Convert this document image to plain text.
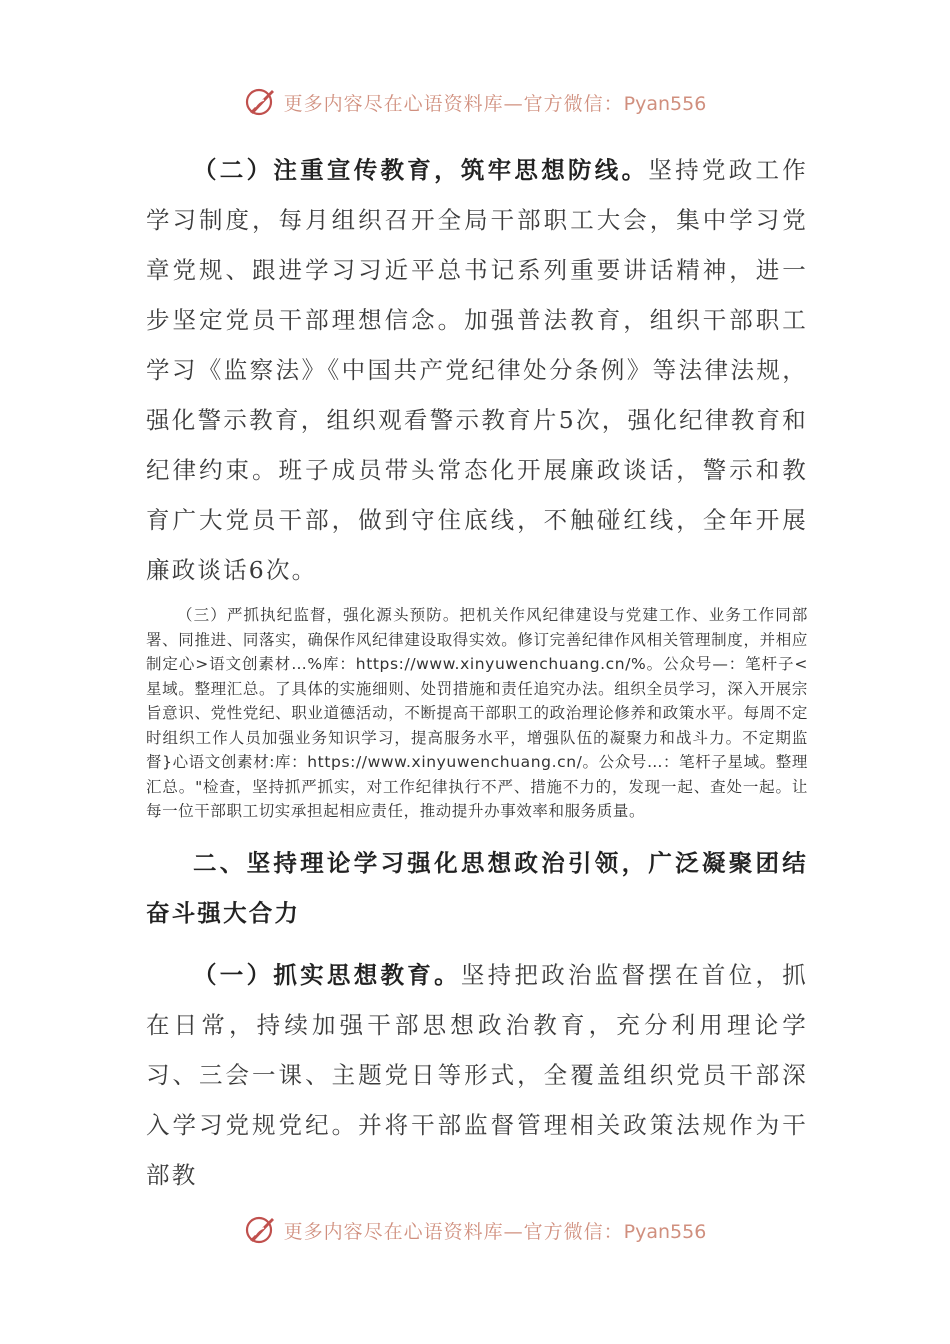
更多内容尽在心语资料库—官方微信：Pyan556

（二）注重宣传教育，筑牢思想防线。坚持党政工作学习制度，每月组织召开全局干部职工大会，集中学习党章党规、跟进学习习近平总书记系列重要讲话精神，进一步坚定党员干部理想信念。加强普法教育，组织干部职工学习《监察法》《中国共产党纪律处分条例》等法律法规，强化警示教育，组织观看警示教育片5次，强化纪律教育和纪律约束。班子成员带头常态化开展廉政谈话，警示和教育广大党员干部，做到守住底线，不触碰红线，全年开展廉政谈话6次。

（三）严抓执纪监督，强化源头预防。把机关作风纪律建设与党建工作、业务工作同部署、同推进、同落实，确保作风纪律建设取得实效。修订完善纪律作风相关管理制度，并相应制定心>语文创素材…%库：https://www.xinyuwenchuang.cn/%。公众号—：笔杆子<星域。整理汇总。了具体的实施细则、处罚措施和责任追究办法。组织全员学习，深入开展宗旨意识、党性党纪、职业道德活动，不断提高干部职工的政治理论修养和政策水平。每周不定时组织工作人员加强业务知识学习，提高服务水平，增强队伍的凝聚力和战斗力。不定期监督}心语文创素材:库：https://www.xinyuwenchuang.cn/。公众号…：笔杆子星域。整理汇总。"检查，坚持抓严抓实，对工作纪律执行不严、措施不力的，发现一起、查处一起。让每一位干部职工切实承担起相应责任，推动提升办事效率和服务质量。

二、坚持理论学习强化思想政治引领，广泛凝聚团结奋斗强大合力

（一）抓实思想教育。坚持把政治监督摆在首位，抓在日常，持续加强干部思想政治教育，充分利用理论学习、三会一课、主题党日等形式，全覆盖组织党员干部深入学习党规党纪。并将干部监督管理相关政策法规作为干部教

更多内容尽在心语资料库—官方微信：Pyan556
